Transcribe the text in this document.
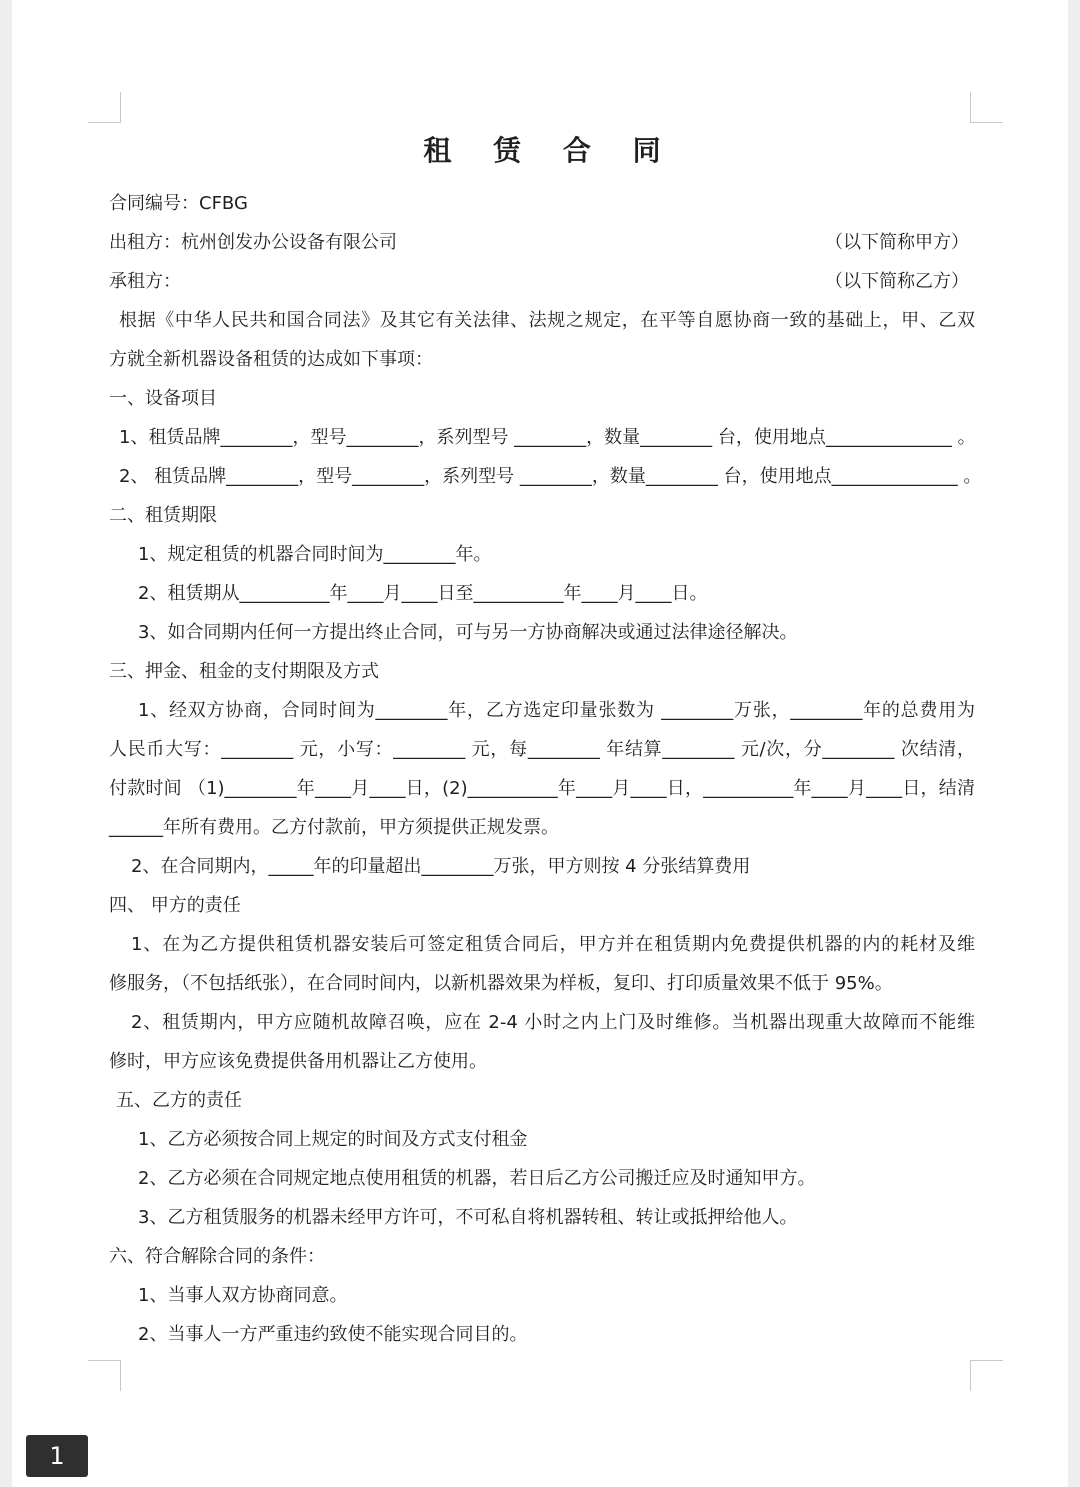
租 赁 合 同
合同编号：CFBG
出租方：杭州创发办公设备有限公司	（以下简称甲方）
承租方：	（以下简称乙方）
根据《中华人民共和国合同法》及其它有关法律、法规之规定，在平等自愿协商一致的基础上，甲、乙双
方就全新机器设备租赁的达成如下事项：
一、设备项目
1、租赁品牌________，型号________，系列型号 ________，数量________ 台，使用地点______________ 。
2、 租赁品牌________，型号________，系列型号 ________，数量________ 台，使用地点______________ 。
二、租赁期限
1、规定租赁的机器合同时间为________年。
2、租赁期从__________年____月____日至__________年____月____日。
3、如合同期内任何一方提出终止合同，可与另一方协商解决或通过法律途径解决。
三、押金、租金的支付期限及方式
1、经双方协商，合同时间为________年，乙方选定印量张数为 ________万张，________年的总费用为
人民币大写：________ 元，小写：________ 元，每________ 年结算________ 元/次，分________ 次结清，
付款时间 （1)________年____月____日，(2)__________年____月____日，__________年____月____日，结清
______年所有费用。乙方付款前，甲方须提供正规发票。
2、在合同期内，_____年的印量超出________万张，甲方则按 4 分张结算费用
四、 甲方的责任
1、在为乙方提供租赁机器安装后可签定租赁合同后，甲方并在租赁期内免费提供机器的内的耗材及维
修服务，（不包括纸张），在合同时间内，以新机器效果为样板，复印、打印质量效果不低于 95%。
2、租赁期内，甲方应随机故障召唤，应在 2-4 小时之内上门及时维修。当机器出现重大故障而不能维
修时，甲方应该免费提供备用机器让乙方使用。
五、乙方的责任
1、乙方必须按合同上规定的时间及方式支付租金
2、乙方必须在合同规定地点使用租赁的机器，若日后乙方公司搬迁应及时通知甲方。
3、乙方租赁服务的机器未经甲方许可，不可私自将机器转租、转让或抵押给他人。
六、符合解除合同的条件：
1、当事人双方协商同意。
2、当事人一方严重违约致使不能实现合同目的。
1
